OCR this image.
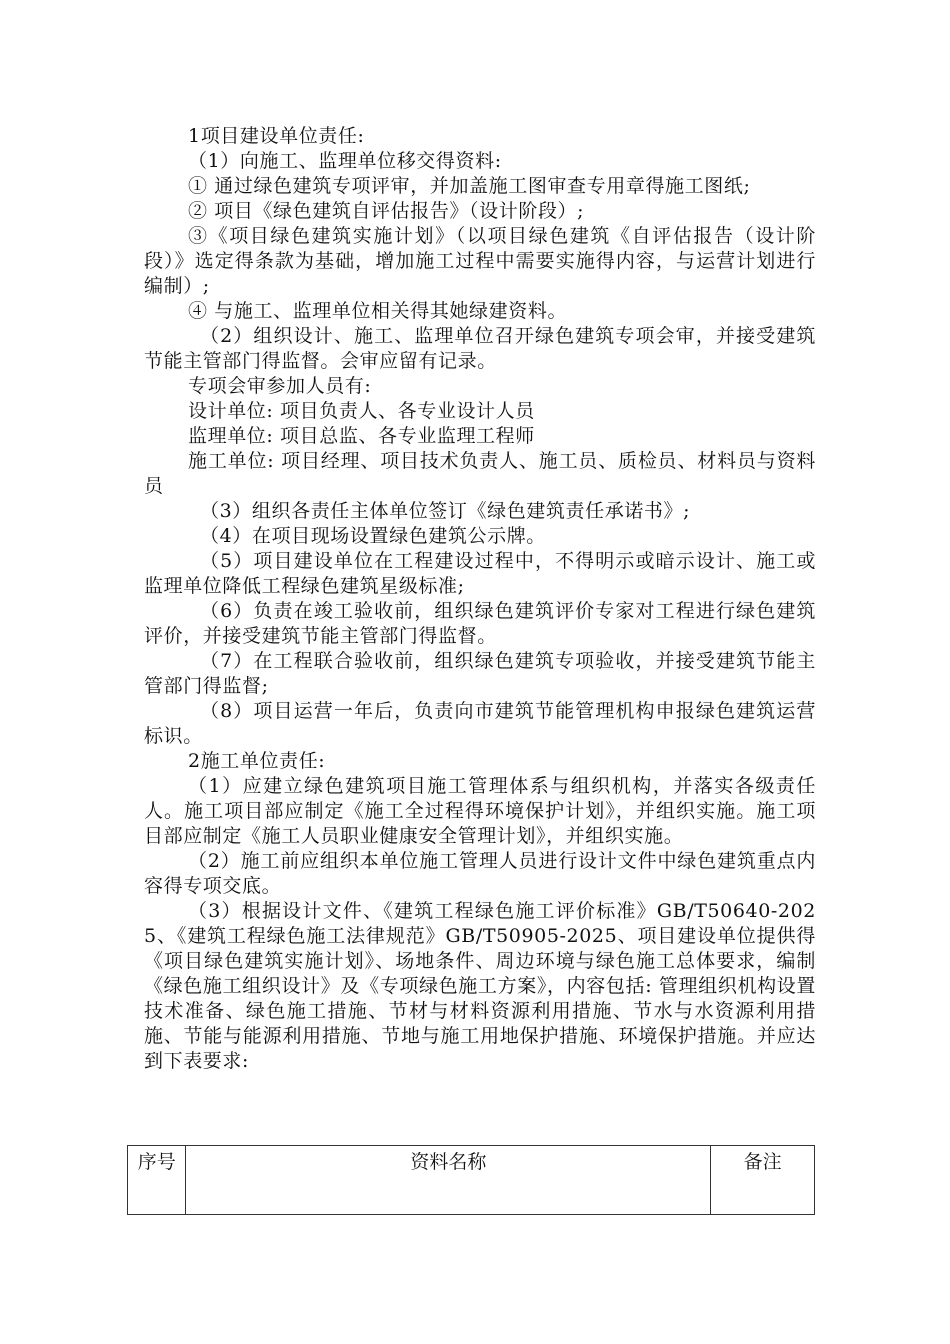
1项目建设单位责任:

（1）向施工、监理单位移交得资料:

① 通过绿色建筑专项评审，并加盖施工图审查专用章得施工图纸;

② 项目《绿色建筑自评估报告》（设计阶段）;

③《项目绿色建筑实施计划》（以项目绿色建筑《自评估报告（设计阶段）》选定得条款为基础，增加施工过程中需要实施得内容，与运营计划进行编制）;

④ 与施工、监理单位相关得其她绿建资料。

（2）组织设计、施工、监理单位召开绿色建筑专项会审，并接受建筑节能主管部门得监督。会审应留有记录。

专项会审参加人员有:

设计单位: 项目负责人、各专业设计人员

监理单位: 项目总监、各专业监理工程师

施工单位: 项目经理、项目技术负责人、施工员、质检员、材料员与资料员

（3）组织各责任主体单位签订《绿色建筑责任承诺书》;

（4）在项目现场设置绿色建筑公示牌。

（5）项目建设单位在工程建设过程中，不得明示或暗示设计、施工或监理单位降低工程绿色建筑星级标准;

（6）负责在竣工验收前，组织绿色建筑评价专家对工程进行绿色建筑评价，并接受建筑节能主管部门得监督。

（7）在工程联合验收前，组织绿色建筑专项验收，并接受建筑节能主管部门得监督;

（8）项目运营一年后，负责向市建筑节能管理机构申报绿色建筑运营标识。

2施工单位责任:

（1）应建立绿色建筑项目施工管理体系与组织机构，并落实各级责任人。施工项目部应制定《施工全过程得环境保护计划》，并组织实施。施工项目部应制定《施工人员职业健康安全管理计划》，并组织实施。

（2）施工前应组织本单位施工管理人员进行设计文件中绿色建筑重点内容得专项交底。

（3）根据设计文件、《建筑工程绿色施工评价标准》GB/T50640-2025、《建筑工程绿色施工法律规范》GB/T50905-2025、项目建设单位提供得《项目绿色建筑实施计划》、场地条件、周边环境与绿色施工总体要求，编制《绿色施工组织设计》及《专项绿色施工方案》，内容包括: 管理组织机构设置技术准备、绿色施工措施、节材与材料资源利用措施、节水与水资源利用措施、节能与能源利用措施、节地与施工用地保护措施、环境保护措施。并应达到下表要求:

序号	资料名称	备注
